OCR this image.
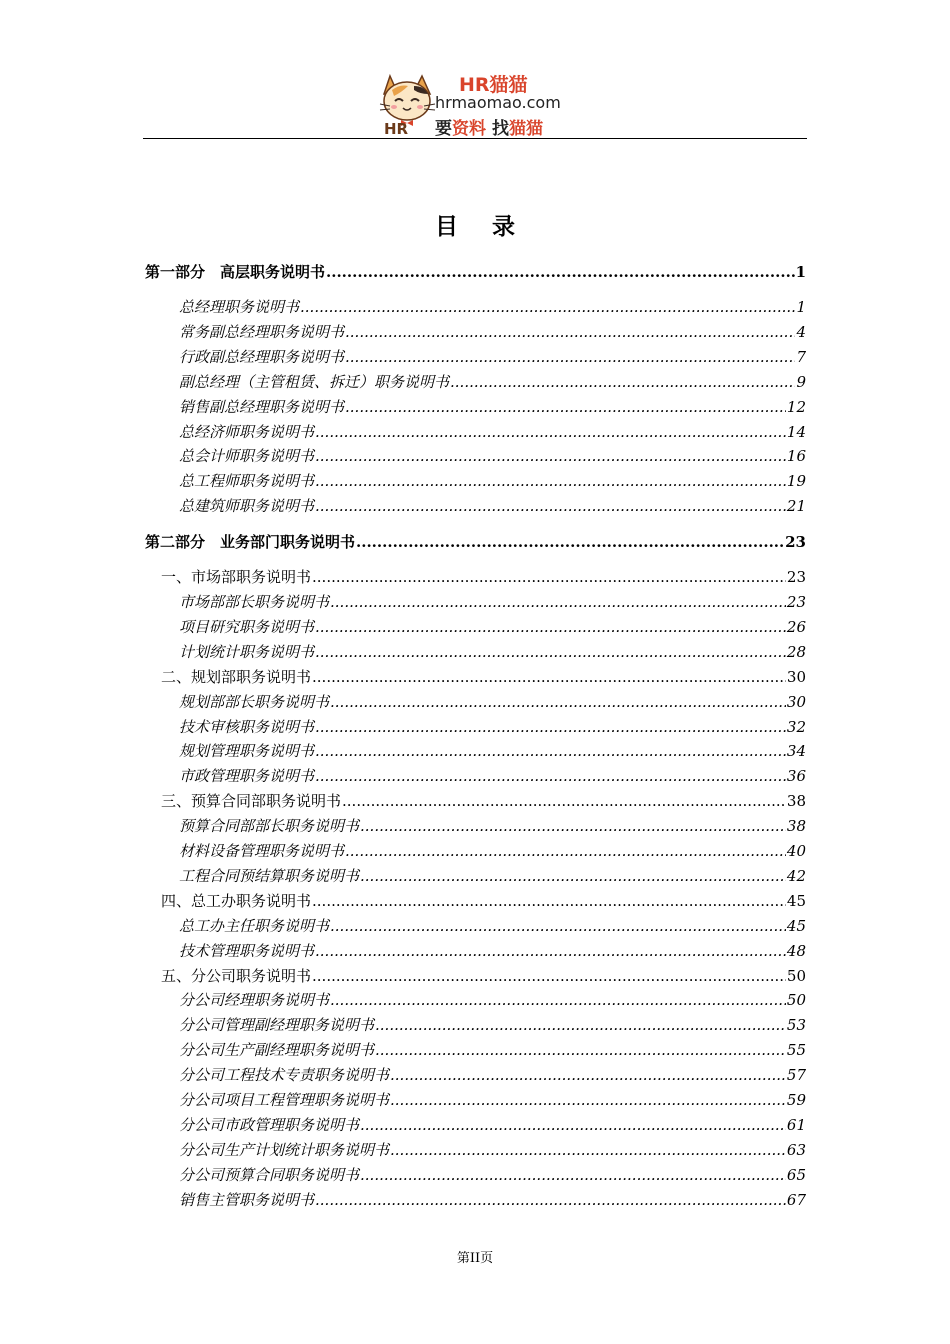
HR
HR猫猫
hrmaomao.com
要资料 找猫猫
目录
第一部分　高层职务说明书 .....	1
总经理职务说明书 .....	1
常务副总经理职务说明书 .....	4
行政副总经理职务说明书 .....	7
副总经理（主管租赁、拆迁）职务说明书 .....	9
销售副总经理职务说明书 .....	12
总经济师职务说明书 .....	14
总会计师职务说明书 .....	16
总工程师职务说明书 .....	19
总建筑师职务说明书 .....	21
第二部分　业务部门职务说明书 .....	23
一、市场部职务说明书 .....	23
市场部部长职务说明书 .....	23
项目研究职务说明书 .....	26
计划统计职务说明书 .....	28
二、规划部职务说明书 .....	30
规划部部长职务说明书 .....	30
技术审核职务说明书 .....	32
规划管理职务说明书 .....	34
市政管理职务说明书 .....	36
三、预算合同部职务说明书 .....	38
预算合同部部长职务说明书 .....	38
材料设备管理职务说明书 .....	40
工程合同预结算职务说明书 .....	42
四、总工办职务说明书 .....	45
总工办主任职务说明书 .....	45
技术管理职务说明书 .....	48
五、分公司职务说明书 .....	50
分公司经理职务说明书 .....	50
分公司管理副经理职务说明书 .....	53
分公司生产副经理职务说明书 .....	55
分公司工程技术专责职务说明书 .....	57
分公司项目工程管理职务说明书 .....	59
分公司市政管理职务说明书 .....	61
分公司生产计划统计职务说明书 .....	63
分公司预算合同职务说明书 .....	65
销售主管职务说明书 .....	67
第II页
